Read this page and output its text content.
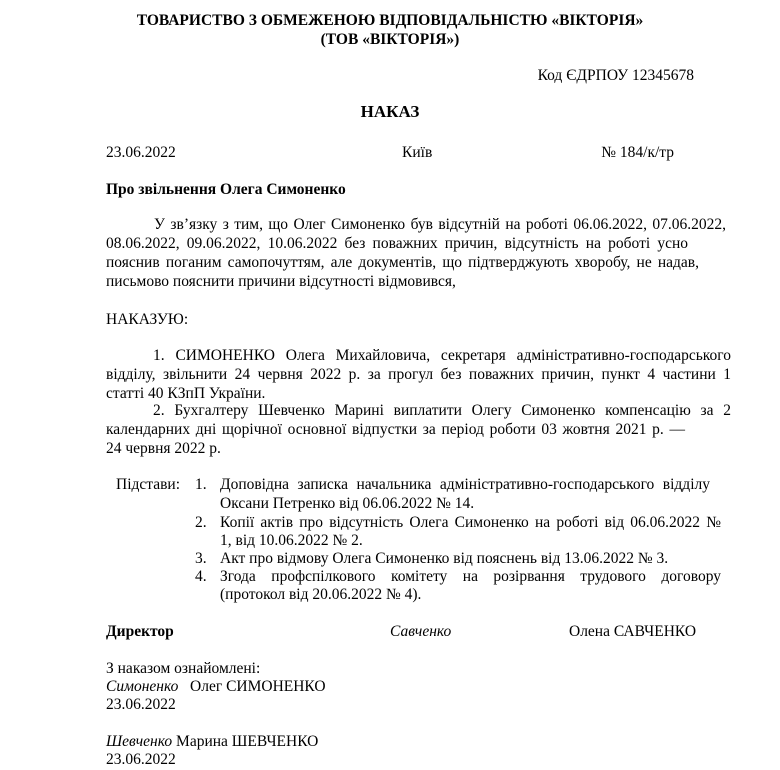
ТОВАРИСТВО З ОБМЕЖЕНОЮ ВІДПОВІДАЛЬНІСТЮ «ВІКТОРІЯ»
(ТОВ «ВІКТОРІЯ»)
Код ЄДРПОУ 12345678
НАКАЗ
23.06.2022	Київ	№ 184/к/тр
Про звільнення Олега Симоненко
У зв’язку з тим, що Олег Симоненко був відсутній на роботі 06.06.2022, 07.06.2022,
08.06.2022, 09.06.2022, 10.06.2022 без поважних причин, відсутність на роботі усно
пояснив поганим самопочуттям, але документів, що підтверджують хворобу, не надав,
письмово пояснити причини відсутності відмовився,
НАКАЗУЮ:
1. СИМОНЕНКО Олега Михайловича, секретаря адміністративно-господарського
відділу, звільнити 24 червня 2022 р. за прогул без поважних причин, пункт 4 частини 1
статті 40 КЗпП України.
2. Бухгалтеру Шевченко Марині виплатити Олегу Симоненко компенсацію за 2
календарних дні щорічної основної відпустки за період роботи 03 жовтня 2021 р. —
24 червня 2022 р.
Підстави: 1. Доповідна записка начальника адміністративно-господарського відділу
Оксани Петренко від 06.06.2022 № 14.
2. Копії актів про відсутність Олега Симоненко на роботі від 06.06.2022 №
1, від 10.06.2022 № 2.
3. Акт про відмову Олега Симоненко від пояснень від 13.06.2022 № 3.
4. Згода профспілкового комітету на розірвання трудового договору
(протокол від 20.06.2022 № 4).
Директор	Савченко	Олена САВЧЕНКО
З наказом ознайомлені:
Симоненко Олег СИМОНЕНКО
23.06.2022
Шевченко Марина ШЕВЧЕНКО
23.06.2022
